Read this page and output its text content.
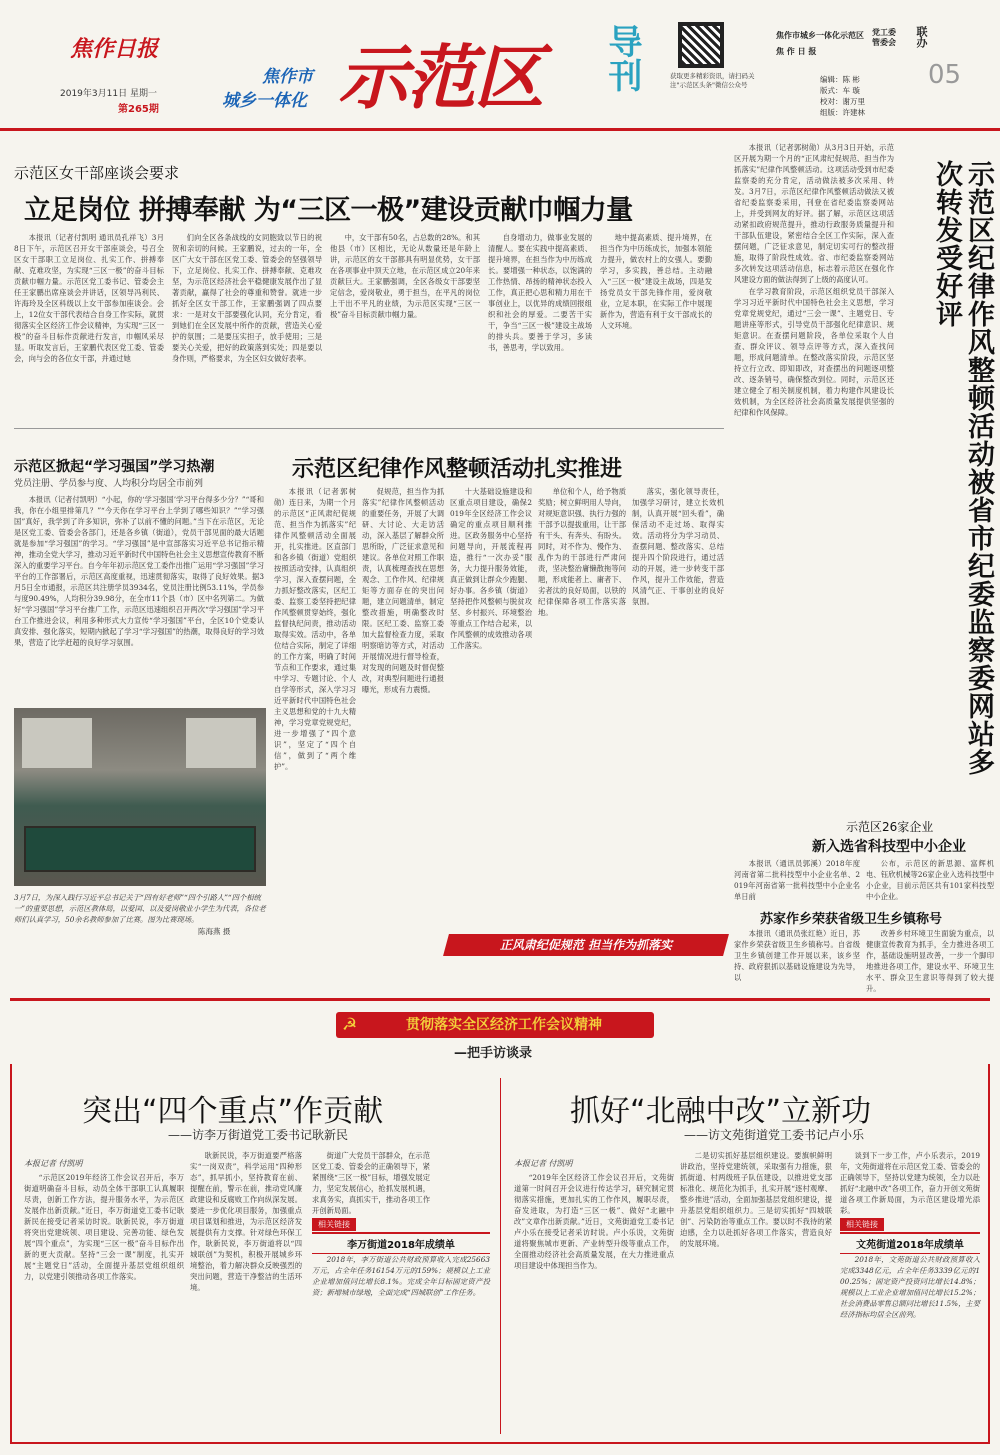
焦作日报
2019年3月11日 星期一
第265期
焦作市
城乡一体化 示范区 导刊	获取更多精彩资讯，请扫码关注"示范区头条"微信公众号
焦作市城乡一体化示范区
焦 作 日 报
党工委管委会	联办
05
编辑：陈 彬
版式：车 璇
校对：谢万里
组版：许建林
示范区女干部座谈会要求
立足岗位 拼搏奉献 为“三区一极”建设贡献巾帼力量

本报讯（记者付凯明 通讯员孔祥飞）3月8日下午，示范区召开女干部座谈会，号召全区女干部职工立足岗位、扎实工作、拼搏奉献、克难攻坚，为实现“三区一极”的奋斗目标贡献巾帼力量。示范区党工委书记、管委会主任王家鹏出席座谈会并讲话，区领导冯利民、许海玲及全区科级以上女干部参加座谈会。会上，12位女干部代表结合自身工作实际，就贯彻落实全区经济工作会议精神，为实现“三区一极”的奋斗目标作贡献进行发言，巾帼风采尽显。听取发言后，王家鹏代表区党工委、管委会，向与会的各位女干部，并通过她

们向全区各条战线的女同胞致以节日的祝贺和亲切的问候。王家鹏说，过去的一年，全区广大女干部在区党工委、管委会的坚强领导下，立足岗位、扎实工作、拼搏奉献、克难攻坚，为示范区经济社会平稳健康发展作出了显著贡献，赢得了社会的尊重和赞誉。就进一步抓好全区女干部工作，王家鹏强调了四点要求：一是对女干部要强化认同，充分肯定，看到她们在全区发展中所作的贡献，营造关心爱护的氛围；二是要压实担子，放手使用；三是要关心关爱，把好的政策落到实处；四是要以身作则，严格要求，为全区妇女做好表率。

中，女干部有50名，占总数的28%。和其他县（市）区相比，无论从数量还是年龄上讲，示范区的女干部都具有明显优势，女干部在各项事业中顶天立地，在示范区成立20年来贡献巨大。王家鹏强调，全区各级女干部要坚定信念，爱岗敬业，勇于担当，在平凡的岗位上干出不平凡的业绩，为示范区实现“三区一极”奋斗目标贡献巾帼力量。

自身增动力，做事业发展的清醒人。要在实践中提高素质、提升境界，在担当作为中历练成长。要增强一种状态，以饱满的工作热情、昂扬的精神状态投入工作，真正把心思和精力用在干事创业上，以优异的成绩回报组织和社会的厚爱。二要苦干实干，争当“三区一极”建设主战场的排头兵。要善于学习，多读书，善思考，学以致用。

地中提高素质、提升境界，在担当作为中历练成长，加强本领能力提升，做农村上的女强人。要勤学习，多实践，善总结。主动融入“三区一极”建设主战场，四是发扬党员女干部先锋作用，爱岗敬业，立足本职，在实际工作中展现新作为，营造有利于女干部成长的人文环境。

示范区掀起“学习强国”学习热潮
党员注册、学员参与度、人均积分均居全市前列

本报讯（记者付凯明）“小起，你的‘学习强国’学习平台得多少分？”“哥和我，你在小组里排第几？”“今天你在学习平台上学到了哪些知识？”“学习强国”真好，我学到了许多知识，弥补了以前不懂的问题。”当下在示范区，无论是区党工委、管委会各部门，还是各乡镇（街道），党员干部见面的最大话题就是参加“学习强国”的学习。“学习强国”是中宣部落实习近平总书记指示精神，推动全党大学习，推动习近平新时代中国特色社会主义思想宣传教育不断深入的重要学习平台。自今年年初示范区党工委作出推广运用“学习强国”学习平台的工作部署后，示范区高度重视，迅速贯彻落实，取得了良好效果。据3月5日全市通报，示范区共注册学员3934名，党员注册比例53.11%，学员参与度90.49%，人均积分39.98分，在全市11个县（市）区中名列第二。为做好“学习强国”学习平台推广工作，示范区迅速组织召开两次“学习强国”学习平台工作推进会议，利用多种形式大力宣传“学习强国”平台，全区10个党委认真安排、强化落实，短期内掀起了学习“学习强国”的热潮，取得良好的学习效果，营造了比学赶超的良好学习氛围。

3月7日，为深入践行习近平总书记关于“四有好老师”“四个引路人”“四个相统一”的重要思想，示范区教体局，以爱国、以及爱岗敬业小学生为代表，各位老师们认真学习，50余名教师参加了比赛。图为比赛现场。
陈海燕 摄
示范区纪律作风整顿活动扎实推进

本报讯（记者郭树勋）连日来，为期一个月的示范区“正风肃纪促规范、担当作为抓落实”纪律作风整顿活动全面展开，扎实推进。区直部门和各乡镇（街道）党组织按照活动安排，认真组织学习，深入查摆问题，全力抓好整改落实，区纪工委、监察工委坚持把纪律作风整顿贯穿始终，强化监督执纪问责，推动活动取得实效。活动中，各单位结合实际，制定了详细的工作方案，明确了时间节点和工作要求，通过集中学习、专题讨论、个人自学等形式，深入学习习近平新时代中国特色社会主义思想和党的十九大精神，学习党章党规党纪，进一步增强了“四个意识”，坚定了“四个自信”，做到了“两个维护”。

促规范，担当作为抓落实”纪律作风整顿活动的重要任务，开展了大调研、大讨论、大走访活动，深入基层了解群众所思所盼，广泛征求意见和建议。各单位对照工作职责，认真梳理查找在思想观念、工作作风、纪律规矩等方面存在的突出问题，建立问题清单，制定整改措施，明确整改时限。区纪工委、监察工委加大监督检查力度，采取明察暗访等方式，对活动开展情况进行督导检查，对发现的问题及时督促整改，对典型问题进行通报曝光，形成有力震慑。

十大基础设施建设和区重点项目建设，确保2019年全区经济工作会议确定的重点项目顺利推进。区政务服务中心坚持问题导向，开展流程再造，推行“一次办妥”服务，大力提升服务效能，真正做到让群众少跑腿、好办事。各乡镇（街道）坚持把作风整顿与脱贫攻坚、乡村振兴、环境整治等重点工作结合起来，以作风整顿的成效推动各项工作落实。

单位和个人，给予物质奖励；树立鲜明用人导向，对规矩意识强、执行力强的干部予以提拔重用，让干部有干头、有奔头、有盼头。同时，对不作为、慢作为、乱作为的干部进行严肃问责，坚决整治庸懒散拖等问题，形成能者上、庸者下、劣者汰的良好局面，以铁的纪律保障各项工作落实落地。

落实，强化领导责任，加强学习研讨，建立长效机制，认真开展“回头看”，确保活动不走过场、取得实效。活动将分为学习动员、查摆问题、整改落实、总结提升四个阶段进行，通过活动的开展，进一步转变干部作风，提升工作效能，营造风清气正、干事创业的良好氛围。

正风肃纪促规范 担当作为抓落实

本报讯（记者郭树勋）从3月3日开始，示范区开展为期一个月的“正风肃纪促规范、担当作为抓落实”纪律作风整顿活动。这项活动受到市纪委监察委的充分肯定，活动做法被多次采用、转发。3月7日，示范区纪律作风整顿活动做法又被省纪委监察委采用，刊登在省纪委监察委网站上，并受到网友的好评。据了解，示范区这项活动紧扣政府规范提升，推动行政服务质量提升和干部队伍建设，紧密结合全区工作实际，深入查摆问题，广泛征求意见，制定切实可行的整改措施，取得了阶段性成效。省、市纪委监察委网站多次转发这项活动信息，标志着示范区在强化作风建设方面的做法得到了上级的高度认可。

在学习教育阶段，示范区组织党员干部深入学习习近平新时代中国特色社会主义思想，学习党章党规党纪，通过“三会一课”、主题党日、专题讲座等形式，引导党员干部强化纪律意识、规矩意识。在查摆问题阶段，各单位采取个人自查、群众评议、领导点评等方式，深入查找问题，形成问题清单。在整改落实阶段，示范区坚持立行立改、即知即改，对查摆出的问题逐项整改、逐条销号，确保整改到位。同时，示范区还建立健全了相关制度机制，着力构建作风建设长效机制，为全区经济社会高质量发展提供坚强的纪律和作风保障。	示范区纪律作风整顿活动被省市纪委监察委网站多次转发受好评
示范区26家企业
新入选省科技型中小企业

本报讯（通讯员郭溪）2018年度河南省第二批科技型中小企业名单、2019年河南省第一批科技型中小企业名单日前

公布，示范区的新思源、富辉机电、钰欣机械等26家企业入选科技型中小企业，目前示范区共有101家科技型中小企业。

苏家作乡荣获省级卫生乡镇称号

本报讯（通讯员张红艳）近日，苏家作乡荣获省级卫生乡镇称号。自省级卫生乡镇创建工作开展以来，该乡坚持、政府狠抓以基础设施建设为先导，以

改善乡村环境卫生面貌为重点，以健康宣传教育为抓手，全力推进各项工作，基础设施明显改善，一步一个脚印地推进各项工作，建设水平、环境卫生水平、群众卫生意识等得到了较大提升。

☭	贯彻落实全区经济工作会议精神
—把手访谈录
突出“四个重点”作贡献
——访李万街道党工委书记耿新民
本报记者 付凯明

“示范区2019年经济工作会议召开后，李万街道明确奋斗目标，动员全体干部职工认真履职尽责，创新工作方法，提升服务水平，为示范区发展作出新贡献。”近日，李万街道党工委书记耿新民在接受记者采访时说。耿新民说，李万街道将突出党建统领、项目建设、完善功能、绿色发展“四个重点”，为实现“三区一极”奋斗目标作出新的更大贡献。坚持“三会一课”制度，扎实开展“主题党日”活动，全面提升基层党组织组织力，以党建引领推动各项工作落实。

耿新民说，李万街道要严格落实“一岗双责”，科学运用“四种形态”，抓早抓小，坚持教育在前、提醒在前，警示在前，推动党风廉政建设和反腐败工作向纵深发展。要进一步优化项目服务，加强重点项目谋划和推进，为示范区经济发展提供有力支撑。针对绿色环保工作，耿新民说，李万街道将以“四城联创”为契机，积极开展城乡环境整治，着力解决群众反映强烈的突出问题，营造干净整洁的生活环境。

街道广大党员干部群众，在示范区党工委、管委会的正确领导下，紧紧围绕“三区一极”目标，增强发展定力，坚定发展信心，抢抓发展机遇，求真务实，真抓实干，推动各项工作开创新局面。

相关链接
李万街道2018年成绩单

2018年，李万街道公共财政预算收入完成25663万元，占全年任务16154万元的159%；规模以上工业企业增加值同比增长8.1%。完成全年目标固定资产投资；新增城市绿地，全面完成“四城联创”工作任务。

抓好“北融中改”立新功
——访文苑街道党工委书记卢小乐
本报记者 付凯明

“2019年全区经济工作会议召开后，文苑街道第一时间召开会议进行传达学习，研究制定贯彻落实措施，更加扎实的工作作风，履职尽责，奋发进取，为打造“三区一极”、做好“北融中改”文章作出新贡献。”近日，文苑街道党工委书记卢小乐在接受记者采访时说。卢小乐说，文苑街道将聚焦城市更新、产业转型升级等重点工作，全面推动经济社会高质量发展，在大力推进重点项目建设中体现担当作为。

二是切实抓好基层组织建设。要旗帜鲜明讲政治，坚持党建统领，采取强有力措施，狠抓街道、村两级班子队伍建设，以推进党支部标准化、规范化为抓手，扎实开展“逐村观摩、整乡推进”活动，全面加强基层党组织建设，提升基层党组织组织力。三是切实抓好“四城联创”、污染防治等重点工作。要以时不我待的紧迫感，全力以赴抓好各项工作落实，营造良好的发展环境。

谈到下一步工作，卢小乐表示，2019年，文苑街道将在示范区党工委、管委会的正确领导下，坚持以党建为统领，全力以赴抓好“北融中改”各项工作，奋力开创文苑街道各项工作新局面，为示范区建设增光添彩。

相关链接
文苑街道2018年成绩单

2018年，文苑街道公共财政预算收入完成3348亿元，占全年任务3339亿元的100.25%；固定资产投资同比增长14.8%；规模以上工业企业增加值同比增长15.2%；社会消费品零售总额同比增长11.5%，主要经济指标均居全区前列。
